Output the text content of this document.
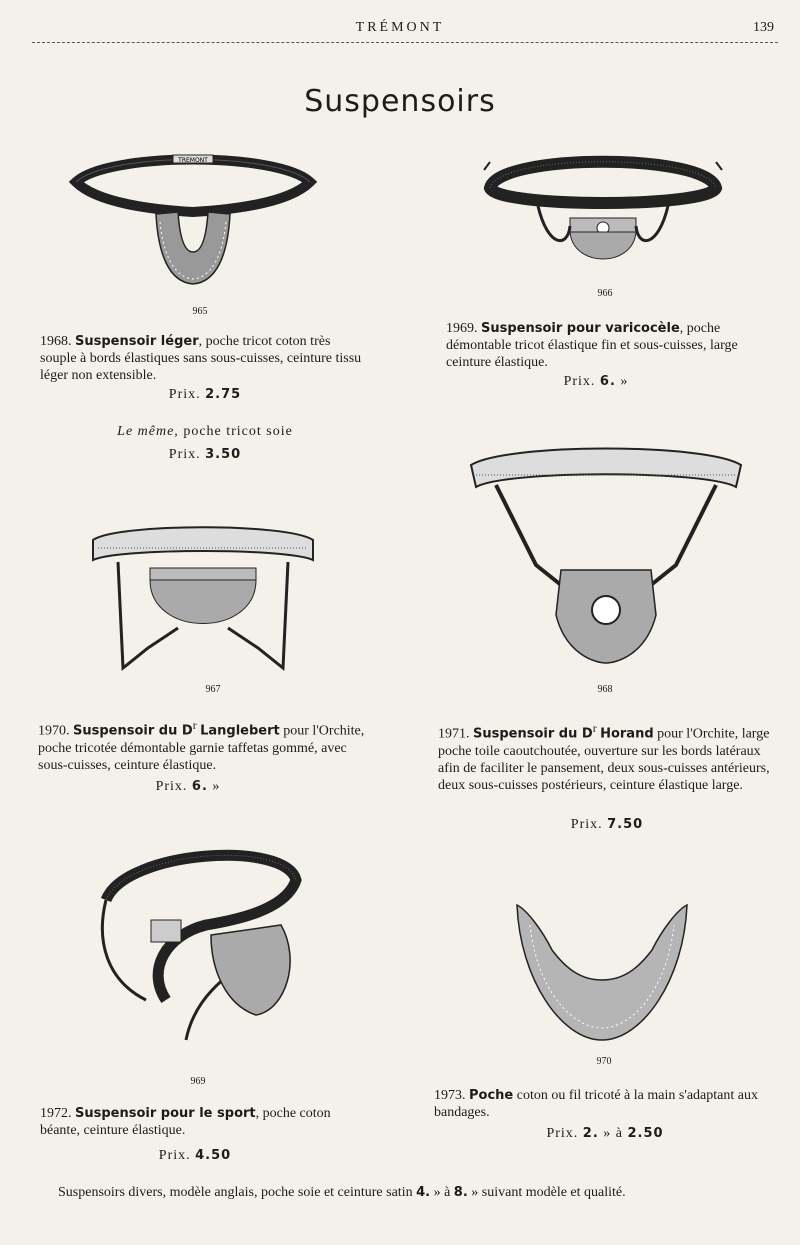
TRÉMONT	139
Suspensoirs
TREMONT
965
966
1968. Suspensoir léger, poche tricot coton très souple à bords élastiques sans sous-cuisses, ceinture tissu léger non extensible.
Prix. 2.75
Le même, poche tricot soie
Prix. 3.50
1969. Suspensoir pour varicocèle, poche démontable tricot élastique fin et sous-cuisses, large ceinture élastique.
Prix. 6. »
967	968
1970. Suspensoir du $D^r$ Langlebert pour l'Orchite, poche tricotée démontable garnie taffetas gommé, avec sous-cuisses, ceinture élastique.
Prix. 6. »
1971. Suspensoir du $D^r$ Horand pour l'Orchite, large poche toile caoutchoutée, ouverture sur les bords latéraux afin de faciliter le pansement, deux sous-cuisses antérieurs, deux sous-cuisses postérieurs, ceinture élastique large.
Prix. 7.50
969
970
1972. Suspensoir pour le sport, poche coton béante, ceinture élastique.
Prix. 4.50
1973. Poche coton ou fil tricoté à la main s'adaptant aux bandages.
Prix. 2. » à 2.50
Suspensoirs divers, modèle anglais, poche soie et ceinture satin 4. » à 8. » suivant modèle et qualité.
